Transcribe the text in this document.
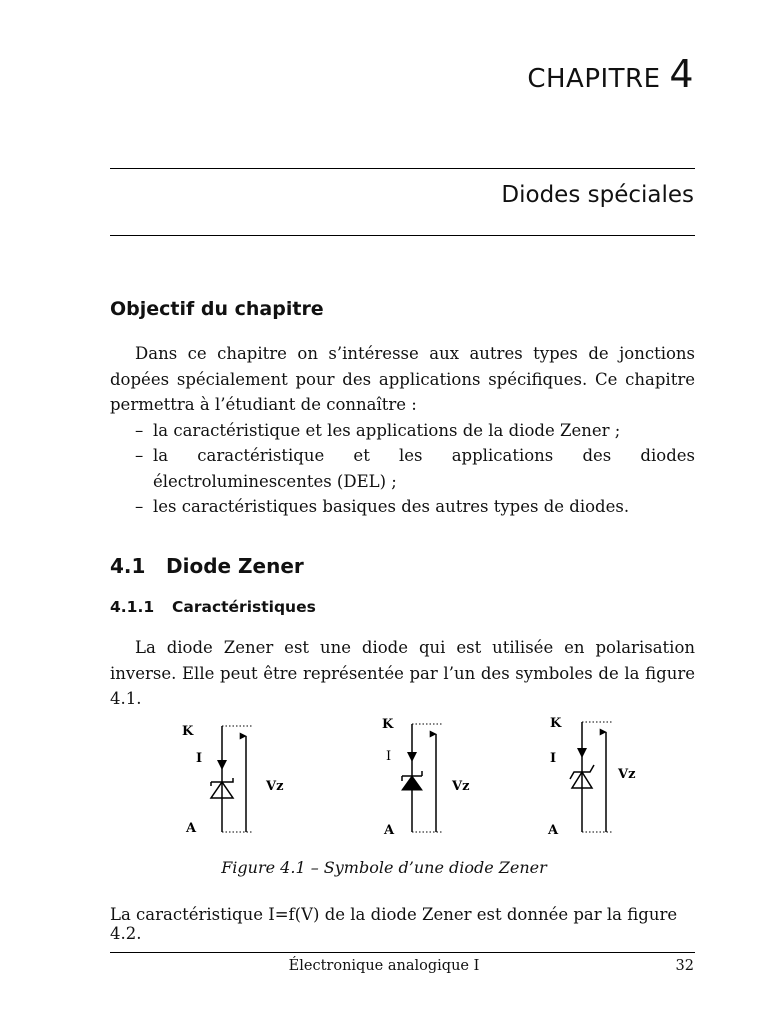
CHAPITRE 4
Diodes spéciales
Objectif du chapitre

Dans ce chapitre on s’intéresse aux autres types de jonctions dopées spécialement pour des applications spécifiques. Ce chapitre permettra à l’étudiant de connaître :

– la caractéristique et les applications de la diode Zener ;
– la caractéristique et les applications des diodes électroluminescentes (DEL) ;
– les caractéristiques basiques des autres types de diodes.
4.1 Diode Zener
4.1.1 Caractéristiques

La diode Zener est une diode qui est utilisée en polarisation inverse. Elle peut être représentée par l’un des symboles de la figure 4.1.

K
I
A
Vz
K
I
A
Vz
K
I
A
Vz
Figure 4.1 – Symbole d’une diode Zener

La caractéristique I=f(V) de la diode Zener est donnée par la figure 4.2.

Électronique analogique I	32
